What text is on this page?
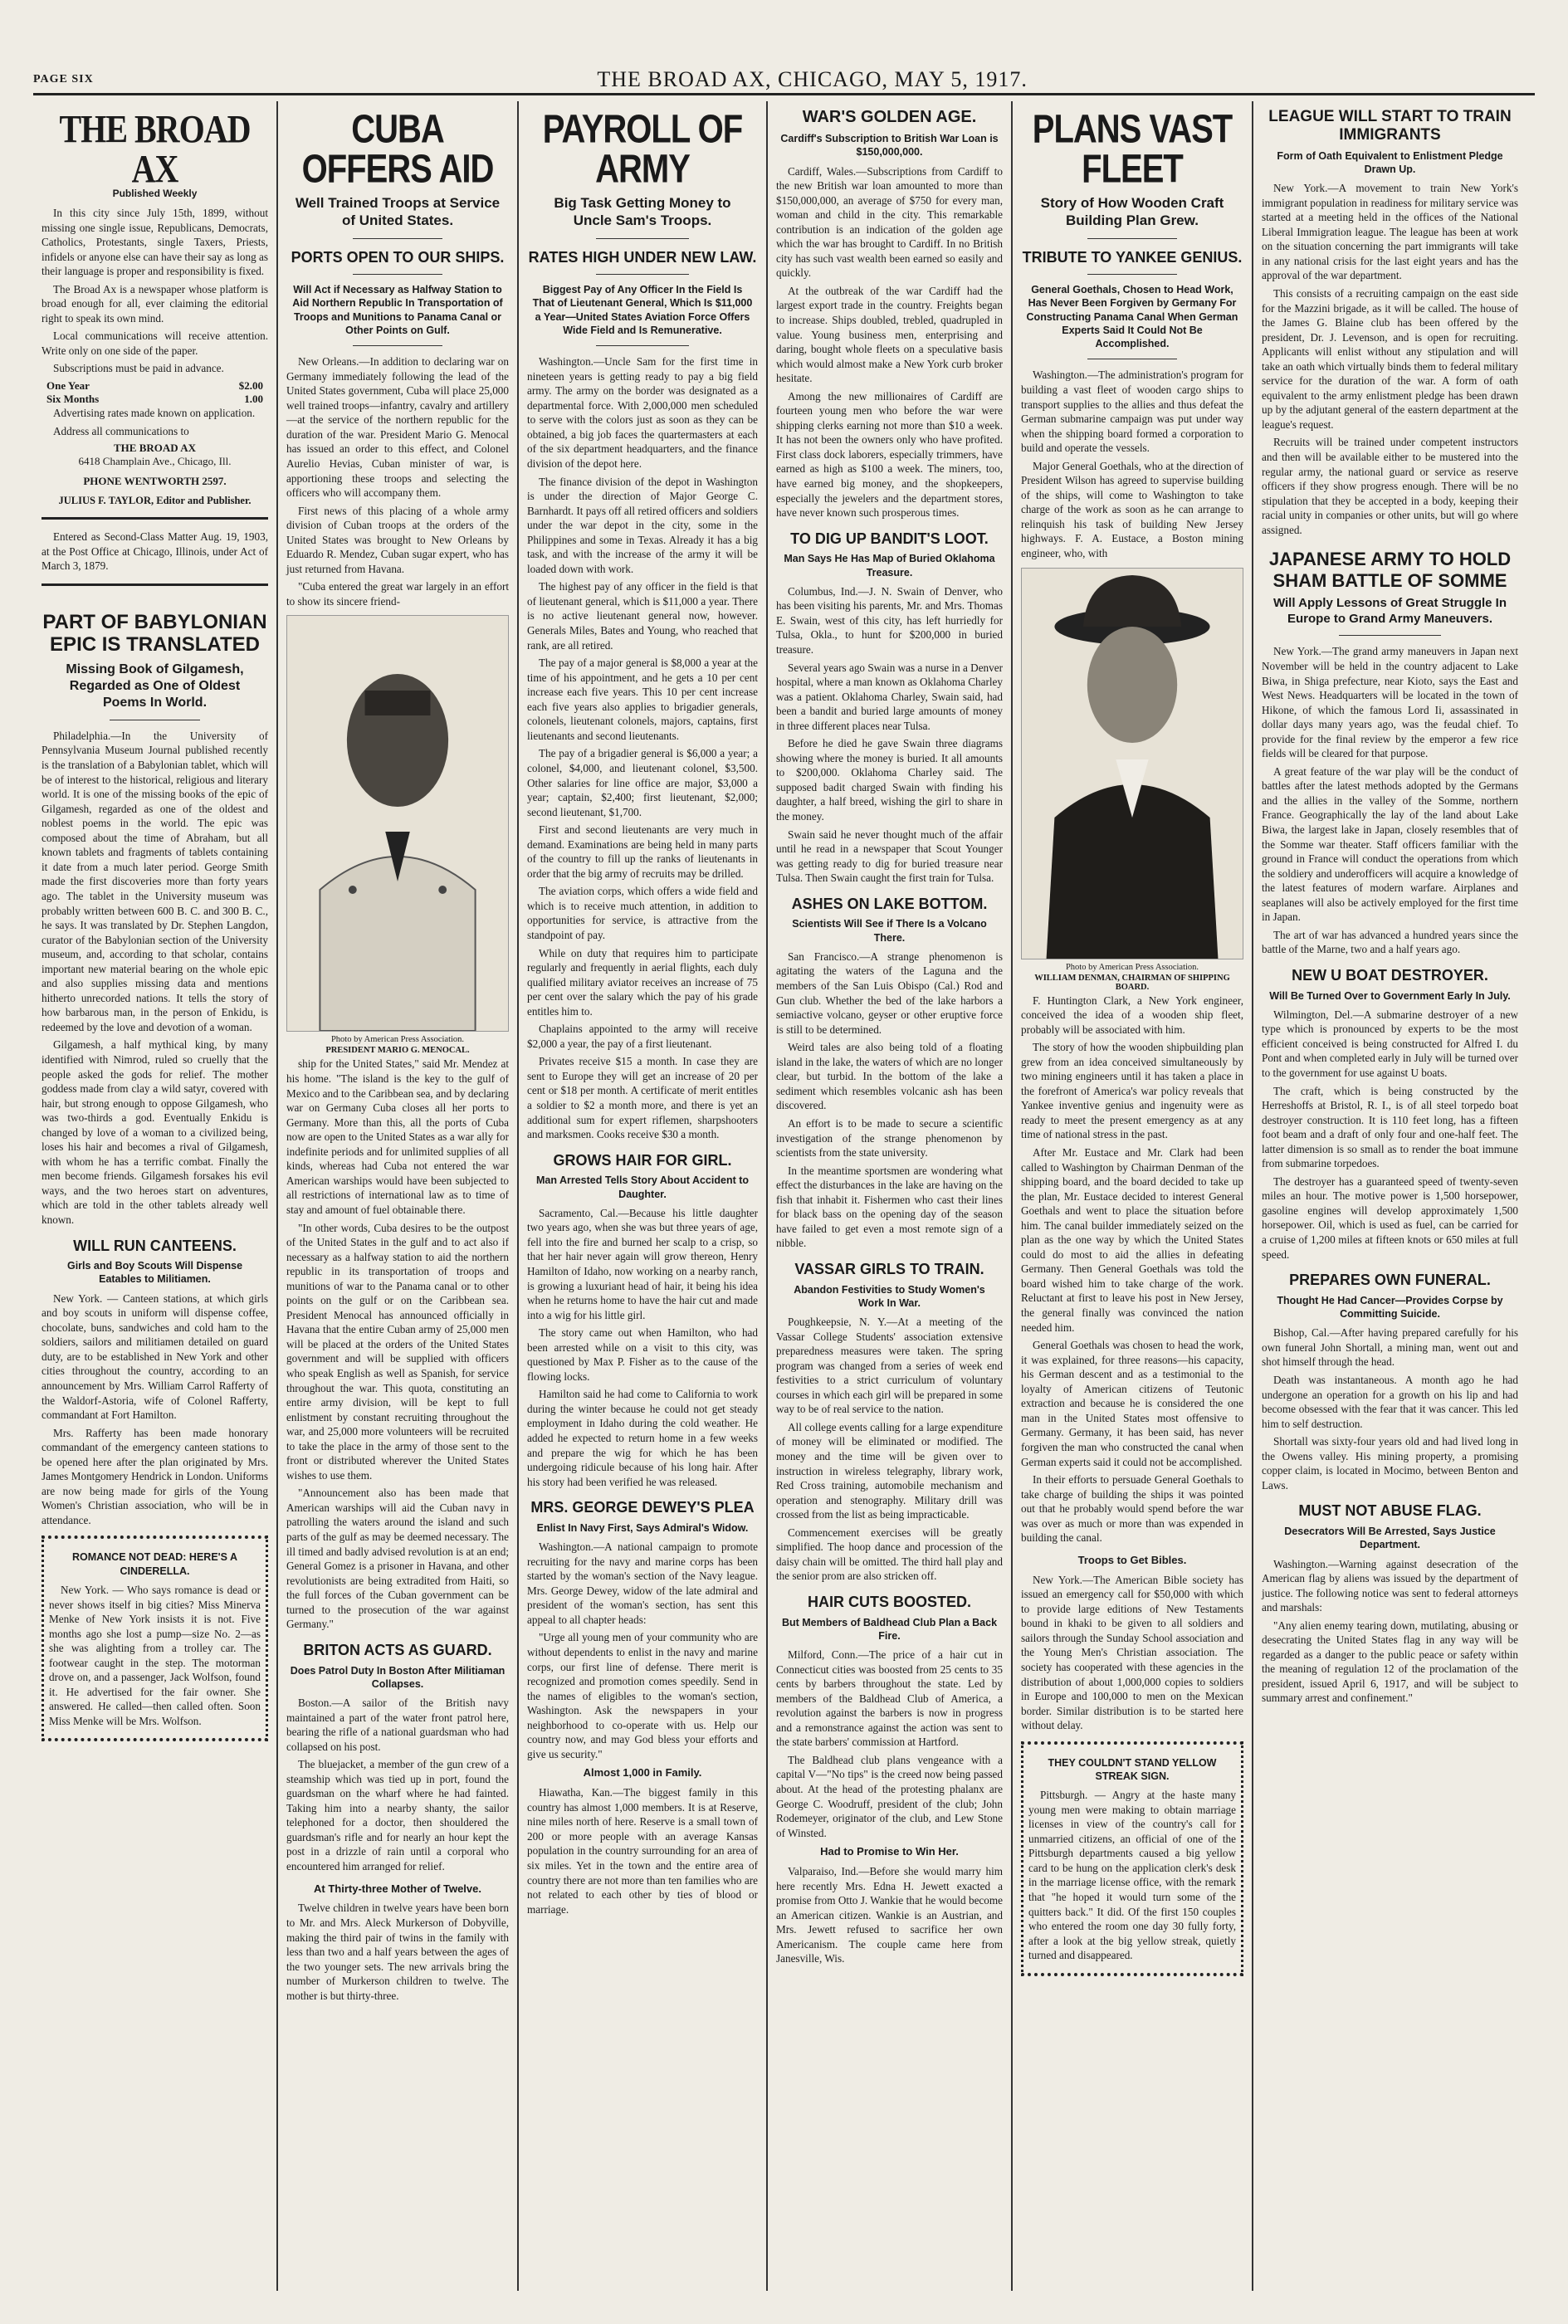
PAGE SIX	THE BROAD AX, CHICAGO, MAY 5, 1917.
THE BROAD AX
Published Weekly

In this city since July 15th, 1899, without missing one single issue, Republicans, Democrats, Catholics, Protestants, single Taxers, Priests, infidels or anyone else can have their say as long as their language is proper and responsibility is fixed.

The Broad Ax is a newspaper whose platform is broad enough for all, ever claiming the editorial right to speak its own mind.

Local communications will receive attention. Write only on one side of the paper.

Subscriptions must be paid in advance.

One Year	$2.00
Six Months	1.00

Advertising rates made known on application.

Address all communications to

THE BROAD AX
6418 Champlain Ave., Chicago, Ill.
PHONE WENTWORTH 2597.
JULIUS F. TAYLOR, Editor and Publisher.

Entered as Second-Class Matter Aug. 19, 1903, at the Post Office at Chicago, Illinois, under Act of March 3, 1879.

PART OF BABYLONIAN EPIC IS TRANSLATED
Missing Book of Gilgamesh, Regarded as One of Oldest Poems In World.

Philadelphia.—In the University of Pennsylvania Museum Journal published recently is the translation of a Babylonian tablet, which will be of interest to the historical, religious and literary world. It is one of the missing books of the epic of Gilgamesh, regarded as one of the oldest and noblest poems in the world. The epic was composed about the time of Abraham, but all known tablets and fragments of tablets containing it date from a much later period. George Smith made the first discoveries more than forty years ago. The tablet in the University museum was probably written between 600 B. C. and 300 B. C., he says. It was translated by Dr. Stephen Langdon, curator of the Babylonian section of the University museum, and, according to that scholar, contains important new material bearing on the whole epic and also supplies missing data and mentions hitherto unrecorded nations. It tells the story of how barbarous man, in the person of Enkidu, is redeemed by the love and devotion of a woman.

Gilgamesh, a half mythical king, by many identified with Nimrod, ruled so cruelly that the people asked the gods for relief. The mother goddess made from clay a wild satyr, covered with hair, but strong enough to oppose Gilgamesh, who was two-thirds a god. Eventually Enkidu is changed by love of a woman to a civilized being, loses his hair and becomes a rival of Gilgamesh, with whom he has a terrific combat. Finally the men become friends. Gilgamesh forsakes his evil ways, and the two heroes start on adventures, which are told in the other tablets already well known.

WILL RUN CANTEENS.
Girls and Boy Scouts Will Dispense Eatables to Militiamen.

New York. — Canteen stations, at which girls and boy scouts in uniform will dispense coffee, chocolate, buns, sandwiches and cold ham to the soldiers, sailors and militiamen detailed on guard duty, are to be established in New York and other cities throughout the country, according to an announcement by Mrs. William Carrol Rafferty of the Waldorf-Astoria, wife of Colonel Rafferty, commandant at Fort Hamilton.

Mrs. Rafferty has been made honorary commandant of the emergency canteen stations to be opened here after the plan originated by Mrs. James Montgomery Hendrick in London. Uniforms are now being made for girls of the Young Women's Christian association, who will be in attendance.

ROMANCE NOT DEAD: HERE'S A CINDERELLA.

New York. — Who says romance is dead or never shows itself in big cities? Miss Minerva Menke of New York insists it is not. Five months ago she lost a pump—size No. 2—as she was alighting from a trolley car. The footwear caught in the step. The motorman drove on, and a passenger, Jack Wolfson, found it. He advertised for the fair owner. She answered. He called—then called often. Soon Miss Menke will be Mrs. Wolfson.

CUBA OFFERS AID
Well Trained Troops at Service of United States.
PORTS OPEN TO OUR SHIPS.
Will Act if Necessary as Halfway Station to Aid Northern Republic In Transportation of Troops and Munitions to Panama Canal or Other Points on Gulf.

New Orleans.—In addition to declaring war on Germany immediately following the lead of the United States government, Cuba will place 25,000 well trained troops—infantry, cavalry and artillery—at the service of the northern republic for the duration of the war. President Mario G. Menocal has issued an order to this effect, and Colonel Aurelio Hevias, Cuban minister of war, is apportioning these troops and selecting the officers who will accompany them.

First news of this placing of a whole army division of Cuban troops at the orders of the United States was brought to New Orleans by Eduardo R. Mendez, Cuban sugar expert, who has just returned from Havana.

"Cuba entered the great war largely in an effort to show its sincere friend-

Photo by American Press Association.
PRESIDENT MARIO G. MENOCAL.

ship for the United States," said Mr. Mendez at his home. "The island is the key to the gulf of Mexico and to the Caribbean sea, and by declaring war on Germany Cuba closes all her ports to Germany. More than this, all the ports of Cuba now are open to the United States as a war ally for indefinite periods and for unlimited supplies of all kinds, whereas had Cuba not entered the war American warships would have been subjected to all restrictions of international law as to time of stay and amount of fuel obtainable there.

"In other words, Cuba desires to be the outpost of the United States in the gulf and to act also if necessary as a halfway station to aid the northern republic in its transportation of troops and munitions of war to the Panama canal or to other points on the gulf or on the Caribbean sea. President Menocal has announced officially in Havana that the entire Cuban army of 25,000 men will be placed at the orders of the United States government and will be supplied with officers who speak English as well as Spanish, for service throughout the war. This quota, constituting an entire army division, will be kept to full enlistment by constant recruiting throughout the war, and 25,000 more volunteers will be recruited to take the place in the army of those sent to the front or distributed wherever the United States wishes to use them.

"Announcement also has been made that American warships will aid the Cuban navy in patrolling the waters around the island and such parts of the gulf as may be deemed necessary. The ill timed and badly advised revolution is at an end; General Gomez is a prisoner in Havana, and other revolutionists are being extradited from Haiti, so the full forces of the Cuban government can be turned to the prosecution of the war against Germany."

BRITON ACTS AS GUARD.
Does Patrol Duty In Boston After Militiaman Collapses.

Boston.—A sailor of the British navy maintained a part of the water front patrol here, bearing the rifle of a national guardsman who had collapsed on his post.

The bluejacket, a member of the gun crew of a steamship which was tied up in port, found the guardsman on the wharf where he had fainted. Taking him into a nearby shanty, the sailor telephoned for a doctor, then shouldered the guardsman's rifle and for nearly an hour kept the post in a drizzle of rain until a corporal who encountered him arranged for relief.

At Thirty-three Mother of Twelve.

Twelve children in twelve years have been born to Mr. and Mrs. Aleck Murkerson of Dobyville, making the third pair of twins in the family with less than two and a half years between the ages of the two younger sets. The new arrivals bring the number of Murkerson children to twelve. The mother is but thirty-three.

PAYROLL OF ARMY
Big Task Getting Money to Uncle Sam's Troops.
RATES HIGH UNDER NEW LAW.
Biggest Pay of Any Officer In the Field Is That of Lieutenant General, Which Is $11,000 a Year—United States Aviation Force Offers Wide Field and Is Remunerative.

Washington.—Uncle Sam for the first time in nineteen years is getting ready to pay a big field army. The army on the border was designated as a departmental force. With 2,000,000 men scheduled to serve with the colors just as soon as they can be obtained, a big job faces the quartermasters at each of the six department headquarters, and the finance division of the depot here.

The finance division of the depot in Washington is under the direction of Major George C. Barnhardt. It pays off all retired officers and soldiers under the war depot in the city, some in the Philippines and some in Texas. Already it has a big task, and with the increase of the army it will be loaded down with work.

The highest pay of any officer in the field is that of lieutenant general, which is $11,000 a year. There is no active lieutenant general now, however. Generals Miles, Bates and Young, who reached that rank, are all retired.

The pay of a major general is $8,000 a year at the time of his appointment, and he gets a 10 per cent increase each five years. This 10 per cent increase each five years also applies to brigadier generals, colonels, lieutenant colonels, majors, captains, first lieutenants and second lieutenants.

The pay of a brigadier general is $6,000 a year; a colonel, $4,000, and lieutenant colonel, $3,500. Other salaries for line office are major, $3,000 a year; captain, $2,400; first lieutenant, $2,000; second lieutenant, $1,700.

First and second lieutenants are very much in demand. Examinations are being held in many parts of the country to fill up the ranks of lieutenants in order that the big army of recruits may be drilled.

The aviation corps, which offers a wide field and which is to receive much attention, in addition to opportunities for service, is attractive from the standpoint of pay.

While on duty that requires him to participate regularly and frequently in aerial flights, each duly qualified military aviator receives an increase of 75 per cent over the salary which the pay of his grade entitles him to.

Chaplains appointed to the army will receive $2,000 a year, the pay of a first lieutenant.

Privates receive $15 a month. In case they are sent to Europe they will get an increase of 20 per cent or $18 per month. A certificate of merit entitles a soldier to $2 a month more, and there is yet an additional sum for expert riflemen, sharpshooters and marksmen. Cooks receive $30 a month.

GROWS HAIR FOR GIRL.
Man Arrested Tells Story About Accident to Daughter.

Sacramento, Cal.—Because his little daughter two years ago, when she was but three years of age, fell into the fire and burned her scalp to a crisp, so that her hair never again will grow thereon, Henry Hamilton of Idaho, now working on a nearby ranch, is growing a luxuriant head of hair, it being his idea when he returns home to have the hair cut and made into a wig for his little girl.

The story came out when Hamilton, who had been arrested while on a visit to this city, was questioned by Max P. Fisher as to the cause of the flowing locks.

Hamilton said he had come to California to work during the winter because he could not get steady employment in Idaho during the cold weather. He added he expected to return home in a few weeks and prepare the wig for which he has been undergoing ridicule because of his long hair. After his story had been verified he was released.

MRS. GEORGE DEWEY'S PLEA
Enlist In Navy First, Says Admiral's Widow.

Washington.—A national campaign to promote recruiting for the navy and marine corps has been started by the woman's section of the Navy league. Mrs. George Dewey, widow of the late admiral and president of the woman's section, has sent this appeal to all chapter heads:

"Urge all young men of your community who are without dependents to enlist in the navy and marine corps, our first line of defense. There merit is recognized and promotion comes speedily. Send in the names of eligibles to the woman's section, Washington. Ask the newspapers in your neighborhood to co-operate with us. Help our country now, and may God bless your efforts and give us security."

Almost 1,000 in Family.

Hiawatha, Kan.—The biggest family in this country has almost 1,000 members. It is at Reserve, nine miles north of here. Reserve is a small town of 200 or more people with an average Kansas population in the country surrounding for an area of six miles. Yet in the town and the entire area of country there are not more than ten families who are not related to each other by ties of blood or marriage.

WAR'S GOLDEN AGE.
Cardiff's Subscription to British War Loan is $150,000,000.

Cardiff, Wales.—Subscriptions from Cardiff to the new British war loan amounted to more than $150,000,000, an average of $750 for every man, woman and child in the city. This remarkable contribution is an indication of the golden age which the war has brought to Cardiff. In no British city has such vast wealth been earned so easily and quickly.

At the outbreak of the war Cardiff had the largest export trade in the country. Freights began to increase. Ships doubled, trebled, quadrupled in value. Young business men, enterprising and daring, bought whole fleets on a speculative basis which would almost make a New York curb broker hesitate.

Among the new millionaires of Cardiff are fourteen young men who before the war were shipping clerks earning not more than $10 a week. It has not been the owners only who have profited. First class dock laborers, especially trimmers, have earned as high as $100 a week. The miners, too, have earned big money, and the shopkeepers, especially the jewelers and the department stores, have never known such prosperous times.

TO DIG UP BANDIT'S LOOT.
Man Says He Has Map of Buried Oklahoma Treasure.

Columbus, Ind.—J. N. Swain of Denver, who has been visiting his parents, Mr. and Mrs. Thomas E. Swain, west of this city, has left hurriedly for Tulsa, Okla., to hunt for $200,000 in buried treasure.

Several years ago Swain was a nurse in a Denver hospital, where a man known as Oklahoma Charley was a patient. Oklahoma Charley, Swain said, had been a bandit and buried large amounts of money in three different places near Tulsa.

Before he died he gave Swain three diagrams showing where the money is buried. It all amounts to $200,000. Oklahoma Charley said. The supposed badit charged Swain with finding his daughter, a half breed, wishing the girl to share in the money.

Swain said he never thought much of the affair until he read in a newspaper that Scout Younger was getting ready to dig for buried treasure near Tulsa. Then Swain caught the first train for Tulsa.

ASHES ON LAKE BOTTOM.
Scientists Will See if There Is a Volcano There.

San Francisco.—A strange phenomenon is agitating the waters of the Laguna and the members of the San Luis Obispo (Cal.) Rod and Gun club. Whether the bed of the lake harbors a semiactive volcano, geyser or other eruptive force is still to be determined.

Weird tales are also being told of a floating island in the lake, the waters of which are no longer clear, but turbid. In the bottom of the lake a sediment which resembles volcanic ash has been discovered.

An effort is to be made to secure a scientific investigation of the strange phenomenon by scientists from the state university.

In the meantime sportsmen are wondering what effect the disturbances in the lake are having on the fish that inhabit it. Fishermen who cast their lines for black bass on the opening day of the season have failed to get even a most remote sign of a nibble.

VASSAR GIRLS TO TRAIN.
Abandon Festivities to Study Women's Work In War.

Poughkeepsie, N. Y.—At a meeting of the Vassar College Students' association extensive preparedness measures were taken. The spring program was changed from a series of week end festivities to a strict curriculum of voluntary courses in which each girl will be prepared in some way to be of real service to the nation.

All college events calling for a large expenditure of money will be eliminated or modified. The money and the time will be given over to instruction in wireless telegraphy, library work, Red Cross training, automobile mechanism and operation and stenography. Military drill was crossed from the list as being impracticable.

Commencement exercises will be greatly simplified. The hoop dance and procession of the daisy chain will be omitted. The third hall play and the senior prom are also stricken off.

HAIR CUTS BOOSTED.
But Members of Baldhead Club Plan a Back Fire.

Milford, Conn.—The price of a hair cut in Connecticut cities was boosted from 25 cents to 35 cents by barbers throughout the state. Led by members of the Baldhead Club of America, a revolution against the barbers is now in progress and a remonstrance against the action was sent to the state barbers' commission at Hartford.

The Baldhead club plans vengeance with a capital V—"No tips" is the creed now being passed about. At the head of the protesting phalanx are George C. Woodruff, president of the club; John Rodemeyer, originator of the club, and Lew Stone of Winsted.

Had to Promise to Win Her.

Valparaiso, Ind.—Before she would marry him here recently Mrs. Edna H. Jewett exacted a promise from Otto J. Wankie that he would become an American citizen. Wankie is an Austrian, and Mrs. Jewett refused to sacrifice her own Americanism. The couple came here from Janesville, Wis.

PLANS VAST FLEET
Story of How Wooden Craft Building Plan Grew.
TRIBUTE TO YANKEE GENIUS.
General Goethals, Chosen to Head Work, Has Never Been Forgiven by Germany For Constructing Panama Canal When German Experts Said It Could Not Be Accomplished.

Washington.—The administration's program for building a vast fleet of wooden cargo ships to transport supplies to the allies and thus defeat the German submarine campaign was put under way when the shipping board formed a corporation to build and operate the vessels.

Major General Goethals, who at the direction of President Wilson has agreed to supervise building of the ships, will come to Washington to take charge of the work as soon as he can arrange to relinquish his task of building New Jersey highways. F. A. Eustace, a Boston mining engineer, who, with

Photo by American Press Association.
WILLIAM DENMAN, CHAIRMAN OF SHIPPING BOARD.

F. Huntington Clark, a New York engineer, conceived the idea of a wooden ship fleet, probably will be associated with him.

The story of how the wooden shipbuilding plan grew from an idea conceived simultaneously by two mining engineers until it has taken a place in the forefront of America's war policy reveals that Yankee inventive genius and ingenuity were as ready to meet the present emergency as at any time of national stress in the past.

After Mr. Eustace and Mr. Clark had been called to Washington by Chairman Denman of the shipping board, and the board decided to take up the plan, Mr. Eustace decided to interest General Goethals and went to place the situation before him. The canal builder immediately seized on the plan as the one way by which the United States could do most to aid the allies in defeating Germany. Then General Goethals was told the board wished him to take charge of the work. Reluctant at first to leave his post in New Jersey, the general finally was convinced the nation needed him.

General Goethals was chosen to head the work, it was explained, for three reasons—his capacity, his German descent and as a testimonial to the loyalty of American citizens of Teutonic extraction and because he is considered the one man in the United States most offensive to Germany. Germany, it has been said, has never forgiven the man who constructed the canal when German experts said it could not be accomplished.

In their efforts to persuade General Goethals to take charge of building the ships it was pointed out that he probably would spend before the war was over as much or more than was expended in building the canal.

Troops to Get Bibles.

New York.—The American Bible society has issued an emergency call for $50,000 with which to provide large editions of New Testaments bound in khaki to be given to all soldiers and sailors through the Sunday School association and the Young Men's Christian association. The society has cooperated with these agencies in the distribution of about 1,000,000 copies to soldiers in Europe and 100,000 to men on the Mexican border. Similar distribution is to be started here without delay.

THEY COULDN'T STAND YELLOW STREAK SIGN.

Pittsburgh. — Angry at the haste many young men were making to obtain marriage licenses in view of the country's call for unmarried citizens, an official of one of the Pittsburgh departments caused a big yellow card to be hung on the application clerk's desk in the marriage license office, with the remark that "he hoped it would turn some of the quitters back." It did. Of the first 150 couples who entered the room one day 30 fully forty, after a look at the big yellow streak, quietly turned and disappeared.

LEAGUE WILL START TO TRAIN IMMIGRANTS
Form of Oath Equivalent to Enlistment Pledge Drawn Up.

New York.—A movement to train New York's immigrant population in readiness for military service was started at a meeting held in the offices of the National Liberal Immigration league. The league has been at work on the situation concerning the part immigrants will take in any national crisis for the last eight years and has the approval of the war department.

This consists of a recruiting campaign on the east side for the Mazzini brigade, as it will be called. The house of the James G. Blaine club has been offered by the president, Dr. J. Levenson, and is open for recruiting. Applicants will enlist without any stipulation and will take an oath which virtually binds them to federal military service for the duration of the war. A form of oath equivalent to the army enlistment pledge has been drawn up by the adjutant general of the eastern department at the league's request.

Recruits will be trained under competent instructors and then will be available either to be mustered into the regular army, the national guard or service as reserve officers if they show progress enough. There will be no stipulation that they be accepted in a body, keeping their racial unity in companies or other units, but will go where assigned.

JAPANESE ARMY TO HOLD SHAM BATTLE OF SOMME
Will Apply Lessons of Great Struggle In Europe to Grand Army Maneuvers.

New York.—The grand army maneuvers in Japan next November will be held in the country adjacent to Lake Biwa, in Shiga prefecture, near Kioto, says the East and West News. Headquarters will be located in the town of Hikone, of which the famous Lord Ii, assassinated in dollar days many years ago, was the feudal chief. To provide for the final review by the emperor a few rice fields will be cleared for that purpose.

A great feature of the war play will be the conduct of battles after the latest methods adopted by the Germans and the allies in the valley of the Somme, northern France. Geographically the lay of the land about Lake Biwa, the largest lake in Japan, closely resembles that of the Somme war theater. Staff officers familiar with the ground in France will conduct the operations from which the soldiery and underofficers will acquire a knowledge of the latest features of modern warfare. Airplanes and seaplanes will also be actively employed for the first time in Japan.

The art of war has advanced a hundred years since the battle of the Marne, two and a half years ago.

NEW U BOAT DESTROYER.
Will Be Turned Over to Government Early In July.

Wilmington, Del.—A submarine destroyer of a new type which is pronounced by experts to be the most efficient conceived is being constructed for Alfred I. du Pont and when completed early in July will be turned over to the government for use against U boats.

The craft, which is being constructed by the Herreshoffs at Bristol, R. I., is of all steel torpedo boat destroyer construction. It is 110 feet long, has a fifteen foot beam and a draft of only four and one-half feet. The latter dimension is so small as to render the boat immune from submarine torpedoes.

The destroyer has a guaranteed speed of twenty-seven miles an hour. The motive power is 1,500 horsepower, gasoline engines will develop approximately 1,500 horsepower. Oil, which is used as fuel, can be carried for a cruise of 1,200 miles at fifteen knots or 650 miles at full speed.

PREPARES OWN FUNERAL.
Thought He Had Cancer—Provides Corpse by Committing Suicide.

Bishop, Cal.—After having prepared carefully for his own funeral John Shortall, a mining man, went out and shot himself through the head.

Death was instantaneous. A month ago he had undergone an operation for a growth on his lip and had become obsessed with the fear that it was cancer. This led him to self destruction.

Shortall was sixty-four years old and had lived long in the Owens valley. His mining property, a promising copper claim, is located in Mocimo, between Benton and Laws.

MUST NOT ABUSE FLAG.
Desecrators Will Be Arrested, Says Justice Department.

Washington.—Warning against desecration of the American flag by aliens was issued by the department of justice. The following notice was sent to federal attorneys and marshals:

"Any alien enemy tearing down, mutilating, abusing or desecrating the United States flag in any way will be regarded as a danger to the public peace or safety within the meaning of regulation 12 of the proclamation of the president, issued April 6, 1917, and will be subject to summary arrest and confinement."
